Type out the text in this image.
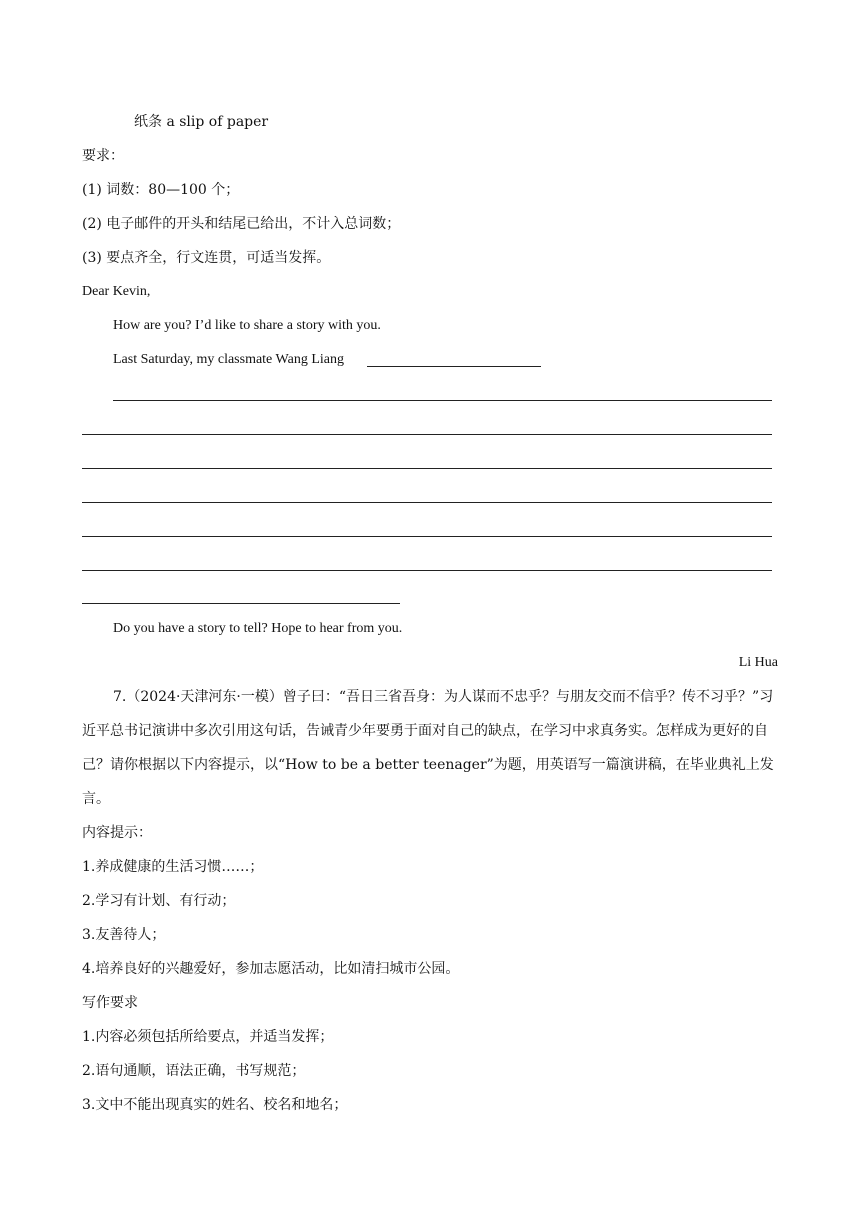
纸条 a slip of paper
要求：
(1) 词数：80—100 个；
(2) 电子邮件的开头和结尾已给出，不计入总词数；
(3) 要点齐全，行文连贯，可适当发挥。
Dear Kevin,
How are you? I’d like to share a story with you.
Last Saturday, my classmate Wang Liang
Do you have a story to tell? Hope to hear from you.
Li Hua
7.（2024·天津河东·一模）曾子曰：“吾日三省吾身：为人谋而不忠乎？与朋友交而不信乎？传不习乎？”习近平总书记演讲中多次引用这句话，告诫青少年要勇于面对自己的缺点，在学习中求真务实。怎样成为更好的自己？请你根据以下内容提示，以“How to be a better teenager”为题，用英语写一篇演讲稿，在毕业典礼上发言。
内容提示：
1.养成健康的生活习惯……；
2.学习有计划、有行动；
3.友善待人；
4.培养良好的兴趣爱好，参加志愿活动，比如清扫城市公园。
写作要求
1.内容必须包括所给要点，并适当发挥；
2.语句通顺，语法正确，书写规范；
3.文中不能出现真实的姓名、校名和地名；
